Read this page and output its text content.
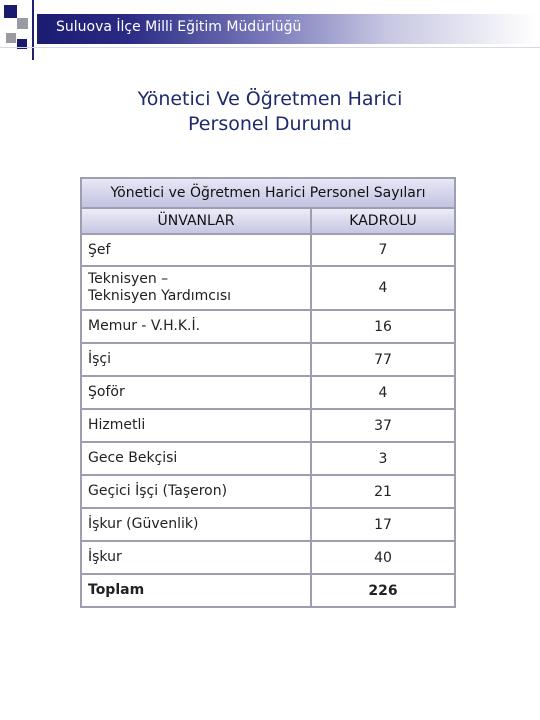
Suluova İlçe Milli Eğitim Müdürlüğü
Yönetici Ve Öğretmen Harici
Personel Durumu
Yönetici ve Öğretmen Harici Personel Sayıları
ÜNVANLAR	KADROLU
Şef	7
Teknisyen –
Teknisyen Yardımcısı	4
Memur - V.H.K.İ.	16
İşçi	77
Şoför	4
Hizmetli	37
Gece Bekçisi	3
Geçici İşçi (Taşeron)	21
İşkur (Güvenlik)	17
İşkur	40
Toplam	226
